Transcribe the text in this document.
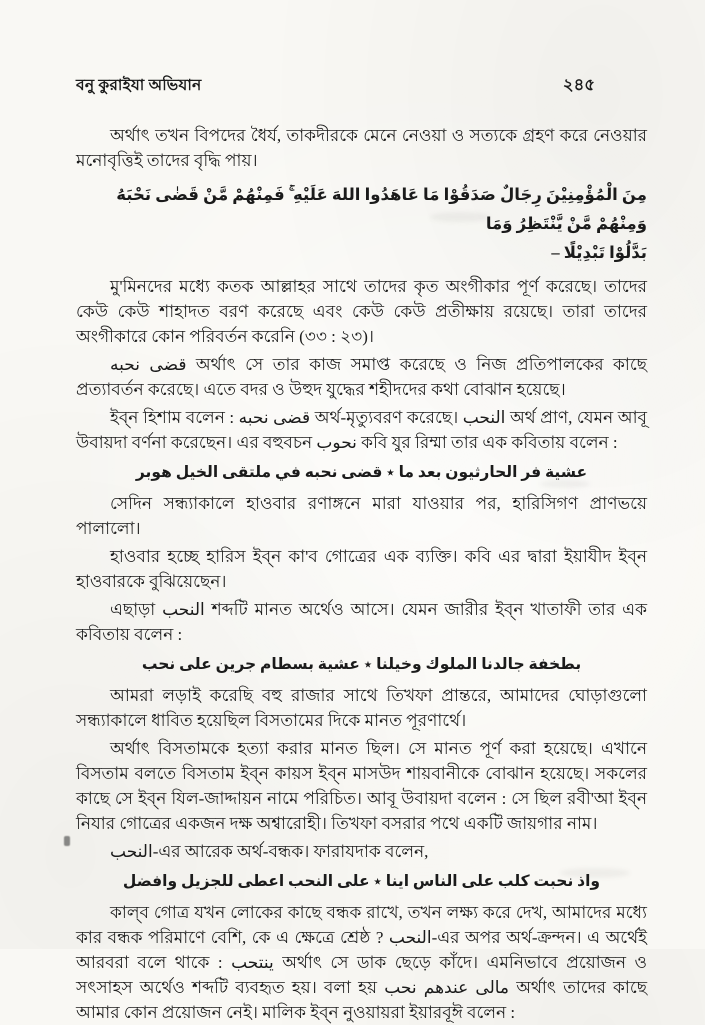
বনু কুরাইযা অভিযান	২৪৫

অর্থাৎ তখন বিপদের ধৈর্য, তাকদীরকে মেনে নেওয়া ও সত্যকে গ্রহণ করে নেওয়ার মনোবৃত্তিই তাদের বৃদ্ধি পায়।

مِنَ الْمُؤْمِنِيْنَ رِجَالٌ صَدَقُوْا مَا عَاهَدُوا اللهَ عَلَيْهِ ۚ فَمِنْهُمْ مَّنْ قَضٰى نَحْبَهُ وَمِنْهُمْ مَّنْ يَّنْتَظِرُ وَمَا
بَدَّلُوْا تَبْدِيْلًا –

মু'মিনদের মধ্যে কতক আল্লাহর সাথে তাদের কৃত অংগীকার পূর্ণ করেছে। তাদের কেউ কেউ শাহাদত বরণ করেছে এবং কেউ কেউ প্রতীক্ষায় রয়েছে। তারা তাদের অংগীকারে কোন পরিবর্তন করেনি (৩৩ : ২৩)।

قضى نحبه অর্থাৎ সে তার কাজ সমাপ্ত করেছে ও নিজ প্রতিপালকের কাছে প্রত্যাবর্তন করেছে। এতে বদর ও উহুদ যুদ্ধের শহীদদের কথা বোঝান হয়েছে।

ইব্‌ন হিশাম বলেন : قضى نحبه অর্থ-মৃত্যুবরণ করেছে। النحب অর্থ প্রাণ, যেমন আবূ উবায়দা বর্ণনা করেছেন। এর বহুবচন نحوب কবি যুর রিম্মা তার এক কবিতায় বলেন :

عشية فر الحارثيون بعد ما ٭ قضى نحبه في ملتقى الخيل هوبر

সেদিন সন্ধ্যাকালে হাওবার রণাঙ্গনে মারা যাওয়ার পর, হারিসিগণ প্রাণভয়ে পালালো।

হাওবার হচ্ছে হারিস ইব্‌ন কা'ব গোত্রের এক ব্যক্তি। কবি এর দ্বারা ইয়াযীদ ইব্‌ন হাওবারকে বুঝিয়েছেন।

এছাড়া النحب শব্দটি মানত অর্থেও আসে। যেমন জারীর ইব্‌ন খাতাফী তার এক কবিতায় বলেন :

بطخفة جالدنا الملوك وخيلنا ٭ عشية بسطام جرين على نحب

আমরা লড়াই করেছি বহু রাজার সাথে তিখফা প্রান্তরে, আমাদের ঘোড়াগুলো সন্ধ্যাকালে ধাবিত হয়েছিল বিসতামের দিকে মানত পূরণার্থে।

অর্থাৎ বিসতামকে হত্যা করার মানত ছিল। সে মানত পূর্ণ করা হয়েছে। এখানে বিসতাম বলতে বিসতাম ইব্‌ন কায়স ইব্‌ন মাসউদ শায়বানীকে বোঝান হয়েছে। সকলের কাছে সে ইব্‌ন যিল-জাদ্দায়ন নামে পরিচিত। আবূ উবায়দা বলেন : সে ছিল রবী'আ ইব্‌ন নিযার গোত্রের একজন দক্ষ অশ্বারোহী। তিখফা বসরার পথে একটি জায়গার নাম।

النحب-এর আরেক অর্থ-বন্ধক। ফারাযদাক বলেন,

واذ نحبت كلب على الناس اينا ٭ على النحب اعطى للجزيل وافضل

কাল্‌ব গোত্র যখন লোকের কাছে বন্ধক রাখে, তখন লক্ষ্য করে দেখ, আমাদের মধ্যে কার বন্ধক পরিমাণে বেশি, কে এ ক্ষেত্রে শ্রেষ্ঠ ? النحب-এর অপর অর্থ-ক্রন্দন। এ অর্থেই আরবরা বলে থাকে : ينتحب অর্থাৎ সে ডাক ছেড়ে কাঁদে। এমনিভাবে প্রয়োজন ও সৎসাহস অর্থেও শব্দটি ব্যবহৃত হয়। বলা হয় مالى عندهم نحب অর্থাৎ তাদের কাছে আমার কোন প্রয়োজন নেই। মালিক ইব্‌ন নুওয়ায়রা ইয়ারবূঈ বলেন :
